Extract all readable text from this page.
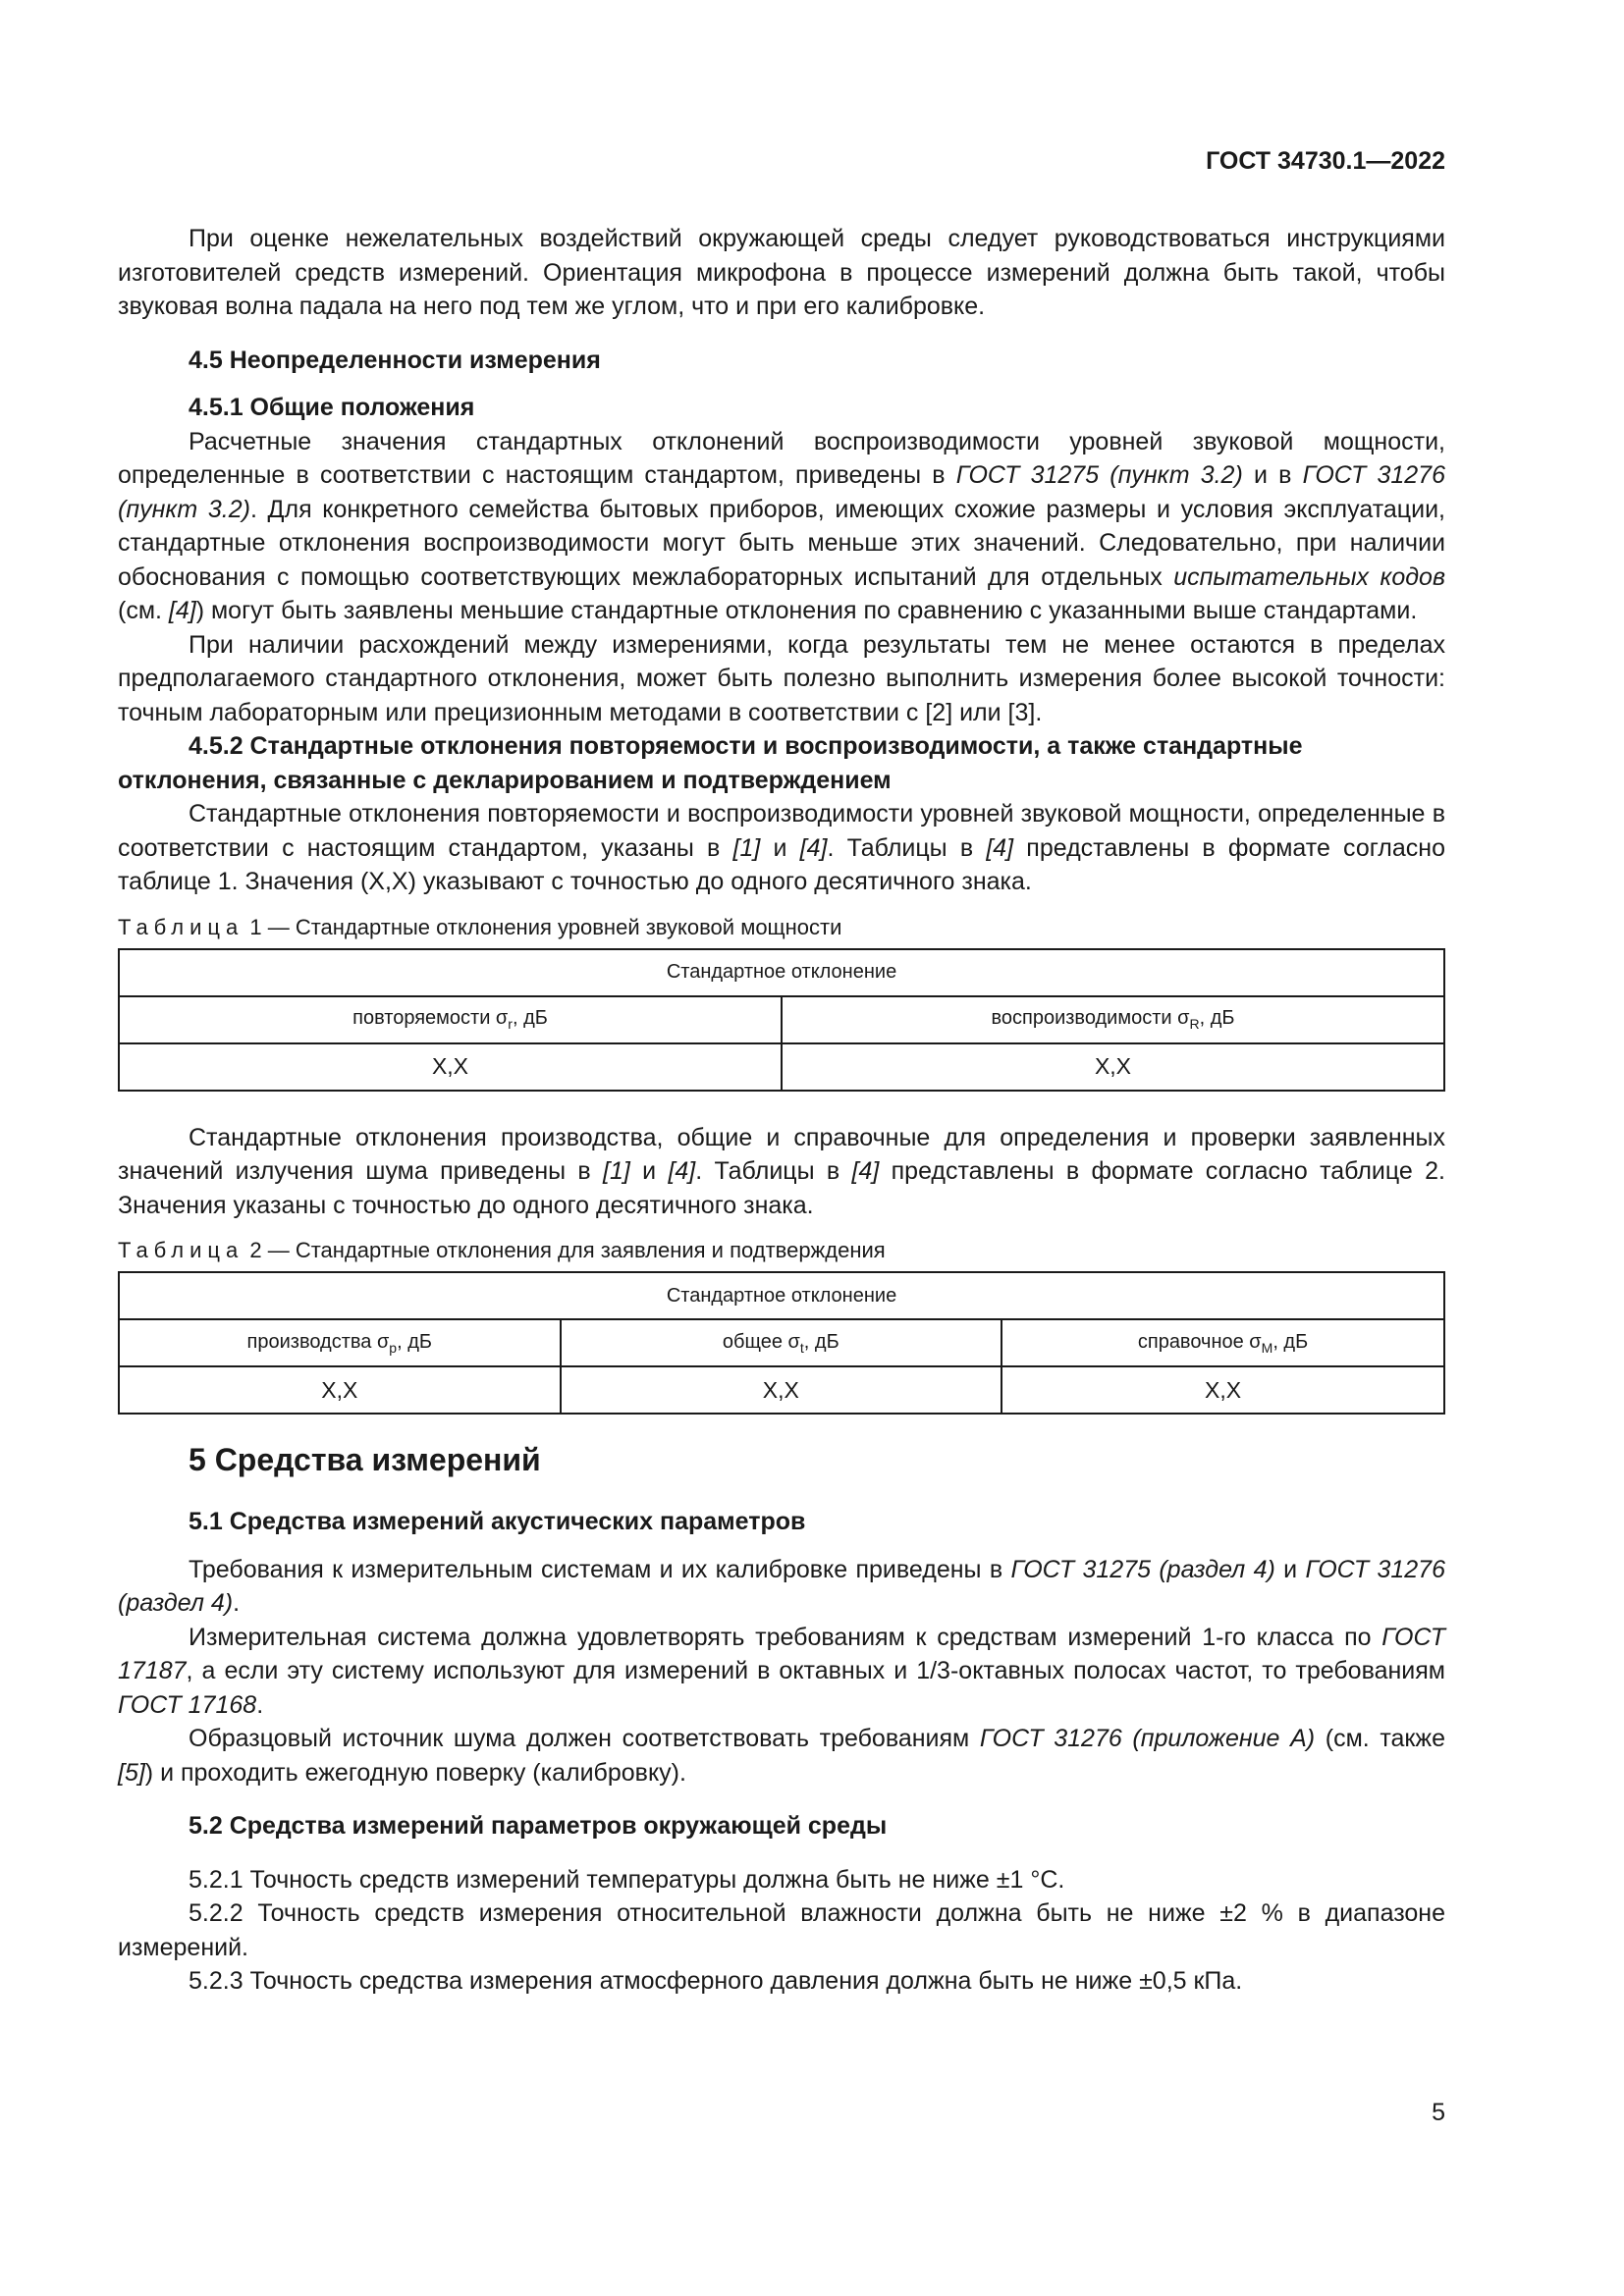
ГОСТ 34730.1—2022

При оценке нежелательных воздействий окружающей среды следует руководствоваться инструкциями изготовителей средств измерений. Ориентация микрофона в процессе измерений должна быть такой, чтобы звуковая волна падала на него под тем же углом, что и при его калибровке.

4.5 Неопределенности измерения
4.5.1 Общие положения

Расчетные значения стандартных отклонений воспроизводимости уровней звуковой мощности, определенные в соответствии с настоящим стандартом, приведены в ГОСТ 31275 (пункт 3.2) и в ГОСТ 31276 (пункт 3.2). Для конкретного семейства бытовых приборов, имеющих схожие размеры и условия эксплуатации, стандартные отклонения воспроизводимости могут быть меньше этих значений. Следовательно, при наличии обоснования с помощью соответствующих межлабораторных испытаний для отдельных испытательных кодов (см. [4]) могут быть заявлены меньшие стандартные отклонения по сравнению с указанными выше стандартами.

При наличии расхождений между измерениями, когда результаты тем не менее остаются в пределах предполагаемого стандартного отклонения, может быть полезно выполнить измерения более высокой точности: точным лабораторным или прецизионным методами в соответствии с [2] или [3].

4.5.2 Стандартные отклонения повторяемости и воспроизводимости, а также стандартные отклонения, связанные с декларированием и подтверждением

Стандартные отклонения повторяемости и воспроизводимости уровней звуковой мощности, определенные в соответствии с настоящим стандартом, указаны в [1] и [4]. Таблицы в [4] представлены в формате согласно таблице 1. Значения (X,X) указывают с точностью до одного десятичного знака.

Таблица 1 — Стандартные отклонения уровней звуковой мощности

Стандартное отклонение	
повторяемости $\sigma_r$, дБ	воспроизводимости $\sigma_R$, дБ
X,X	X,X

Стандартные отклонения производства, общие и справочные для определения и проверки заявленных значений излучения шума приведены в [1] и [4]. Таблицы в [4] представлены в формате согласно таблице 2. Значения указаны с точностью до одного десятичного знака.

Таблица 2 — Стандартные отклонения для заявления и подтверждения

Стандартное отклонение		
производства $\sigma_p$, дБ	общее $\sigma_t$, дБ	справочное $\sigma_M$, дБ
X,X	X,X	X,X
5 Средства измерений
5.1 Средства измерений акустических параметров

Требования к измерительным системам и их калибровке приведены в ГОСТ 31275 (раздел 4) и ГОСТ 31276 (раздел 4).

Измерительная система должна удовлетворять требованиям к средствам измерений 1-го класса по ГОСТ 17187, а если эту систему используют для измерений в октавных и 1/3-октавных полосах частот, то требованиям ГОСТ 17168.

Образцовый источник шума должен соответствовать требованиям ГОСТ 31276 (приложение А) (см. также [5]) и проходить ежегодную поверку (калибровку).

5.2 Средства измерений параметров окружающей среды

5.2.1 Точность средств измерений температуры должна быть не ниже ±1 °С.

5.2.2 Точность средств измерения относительной влажности должна быть не ниже ±2 % в диапазоне измерений.

5.2.3 Точность средства измерения атмосферного давления должна быть не ниже ±0,5 кПа.

5
